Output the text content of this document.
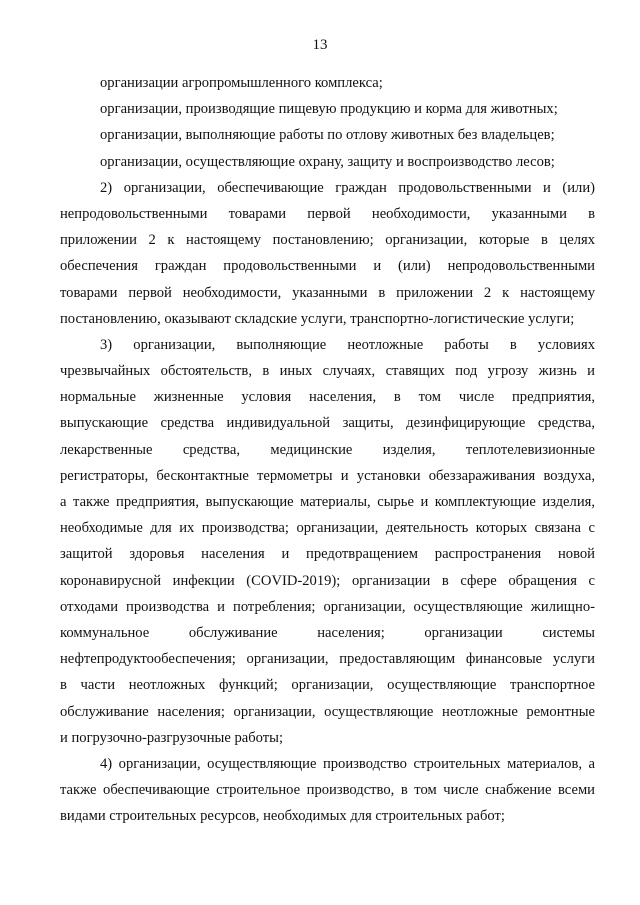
13
организации агропромышленного комплекса;
организации, производящие пищевую продукцию и корма для животных;
организации, выполняющие работы по отлову животных без владельцев;
организации, осуществляющие охрану, защиту и воспроизводство лесов;
2) организации, обеспечивающие граждан продовольственными и (или)
непродовольственными товарами первой необходимости, указанными в
приложении 2 к настоящему постановлению; организации, которые в целях
обеспечения граждан продовольственными и (или) непродовольственными
товарами первой необходимости, указанными в приложении 2 к настоящему
постановлению, оказывают складские услуги, транспортно-логистические услуги;
3) организации, выполняющие неотложные работы в условиях
чрезвычайных обстоятельств, в иных случаях, ставящих под угрозу жизнь и
нормальные жизненные условия населения, в том числе предприятия,
выпускающие средства индивидуальной защиты, дезинфицирующие средства,
лекарственные средства, медицинские изделия, теплотелевизионные
регистраторы, бесконтактные термометры и установки обеззараживания воздуха,
а также предприятия, выпускающие материалы, сырье и комплектующие изделия,
необходимые для их производства; организации, деятельность которых связана с
защитой здоровья населения и предотвращением распространения новой
коронавирусной инфекции (COVID-2019); организации в сфере обращения с
отходами производства и потребления; организации, осуществляющие жилищно-
коммунальное обслуживание населения; организации системы
нефтепродуктообеспечения; организации, предоставляющим финансовые услуги
в части неотложных функций; организации, осуществляющие транспортное
обслуживание населения; организации, осуществляющие неотложные ремонтные
и погрузочно-разгрузочные работы;
4) организации, осуществляющие производство строительных материалов, а
также обеспечивающие строительное производство, в том числе снабжение всеми
видами строительных ресурсов, необходимых для строительных работ;
